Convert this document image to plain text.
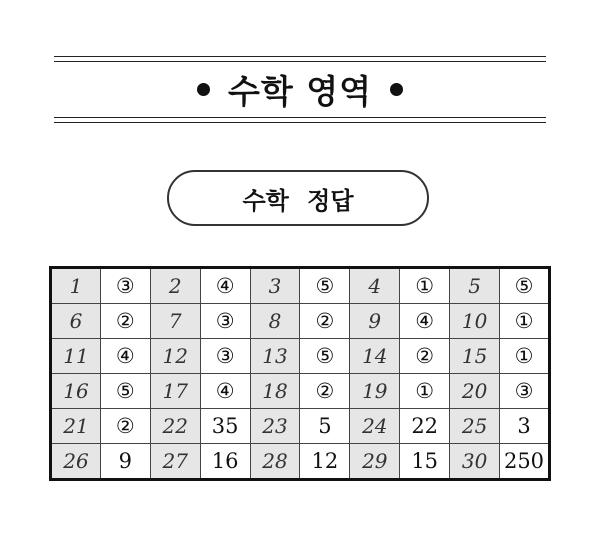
수학 영역
수학 정답
1	③	2	④	3	⑤	4	①	5	⑤
6	②	7	③	8	②	9	④	10	①
11	④	12	③	13	⑤	14	②	15	①
16	⑤	17	④	18	②	19	①	20	③
21	②	22	35	23	5	24	22	25	3
26	9	27	16	28	12	29	15	30	250
